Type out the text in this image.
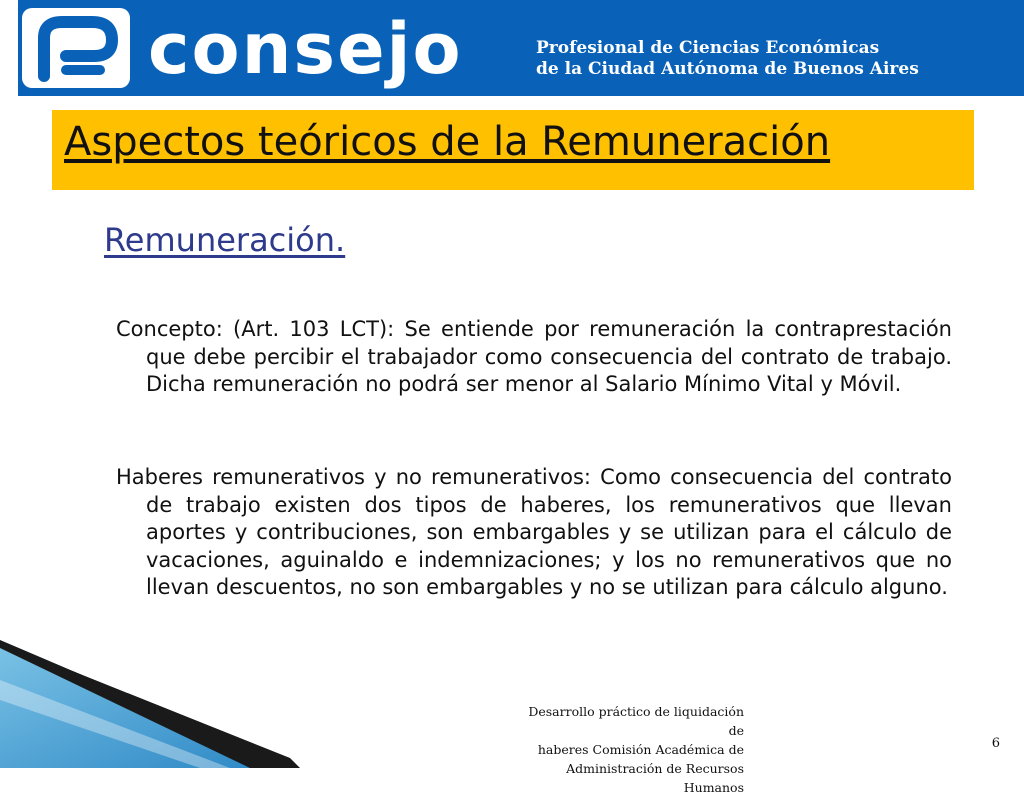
consejo	Profesional de Ciencias Económicas
de la Ciudad Autónoma de Buenos Aires
Aspectos teóricos de la Remuneración
Remuneración.
Concepto: (Art. 103 LCT): Se entiende por remuneración la contraprestación que debe percibir el trabajador como consecuencia del contrato de trabajo. Dicha remuneración no podrá ser menor al Salario Mínimo Vital y Móvil.
Haberes remunerativos y no remunerativos: Como consecuencia del contrato de trabajo existen dos tipos de haberes, los remunerativos que llevan aportes y contribuciones, son embargables y se utilizan para el cálculo de vacaciones, aguinaldo e indemnizaciones; y los no remunerativos que no llevan descuentos, no son embargables y no se utilizan para cálculo alguno.
Desarrollo práctico de liquidación de
haberes Comisión Académica de
Administración de Recursos Humanos
6
